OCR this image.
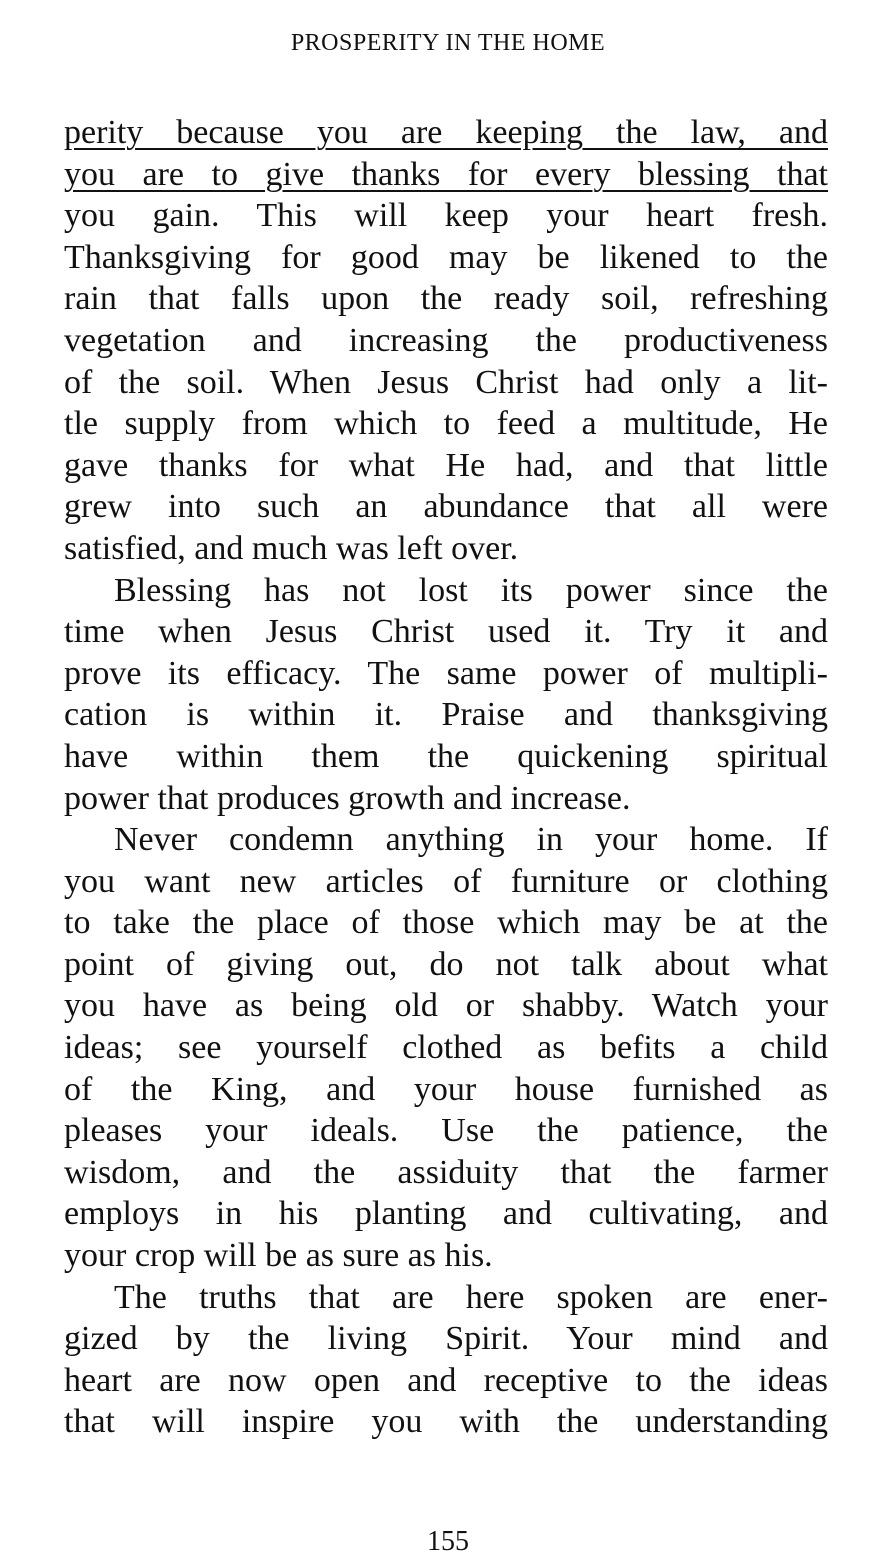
PROSPERITY IN THE HOME
perity because you are keeping the law, and
you are to give thanks for every blessing that
you gain. This will keep your heart fresh.
Thanksgiving for good may be likened to the
rain that falls upon the ready soil, refreshing
vegetation and increasing the productiveness
of the soil. When Jesus Christ had only a lit-
tle supply from which to feed a multitude, He
gave thanks for what He had, and that little
grew into such an abundance that all were
satisfied, and much was left over.
Blessing has not lost its power since the
time when Jesus Christ used it. Try it and
prove its efficacy. The same power of multipli-
cation is within it. Praise and thanksgiving
have within them the quickening spiritual
power that produces growth and increase.
Never condemn anything in your home. If
you want new articles of furniture or clothing
to take the place of those which may be at the
point of giving out, do not talk about what
you have as being old or shabby. Watch your
ideas; see yourself clothed as befits a child
of the King, and your house furnished as
pleases your ideals. Use the patience, the
wisdom, and the assiduity that the farmer
employs in his planting and cultivating, and
your crop will be as sure as his.
The truths that are here spoken are ener-
gized by the living Spirit. Your mind and
heart are now open and receptive to the ideas
that will inspire you with the understanding
155
